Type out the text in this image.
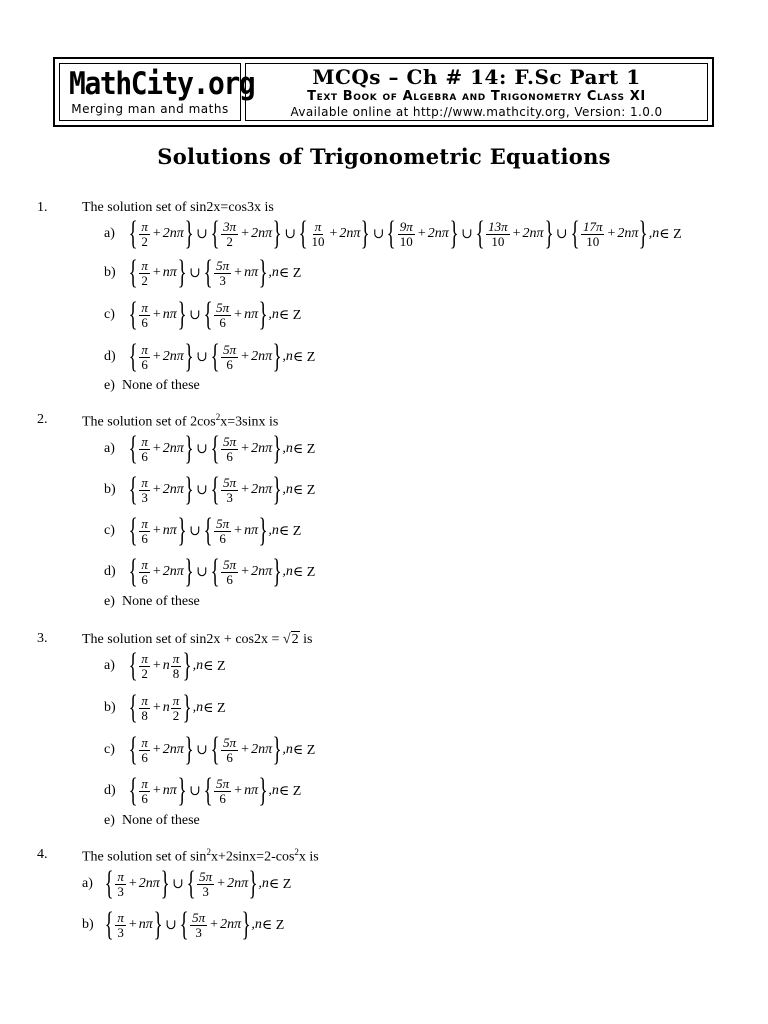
MathCity.org
Merging man and maths
MCQs – Ch # 14: F.Sc Part 1
Text Book of Algebra and Trigonometry Class XI
Available online at http://www.mathcity.org, Version: 1.0.0
Solutions of Trigonometric Equations
1. The solution set of sin2x=cos3x is
a) { $\frac{\pi}{2} + 2n\pi$ } ∪ { $\frac{3\pi}{2} + 2n\pi$ } ∪ { $\frac{\pi}{10} + 2n\pi$ } ∪ { $\frac{9\pi}{10} + 2n\pi$ } ∪ { $\frac{13\pi}{10} + 2n\pi$ } ∪ { $\frac{17\pi}{10} + 2n\pi$ } ,n ∈ Z
b) { $\frac{\pi}{2} + n\pi$ } ∪ { $\frac{5\pi}{3} + n\pi$ } ,n ∈ Z
c) { $\frac{\pi}{6} + n\pi$ } ∪ { $\frac{5\pi}{6} + n\pi$ } ,n ∈ Z
d) { $\frac{\pi}{6} + 2n\pi$ } ∪ { $\frac{5\pi}{6} + 2n\pi$ } ,n ∈ Z
e) None of these
2. The solution set of $2\cos^2x=3\sin x$ is
a) { $\frac{\pi}{6} + 2n\pi$ } ∪ { $\frac{5\pi}{6} + 2n\pi$ } ,n ∈ Z
b) { $\frac{\pi}{3} + 2n\pi$ } ∪ { $\frac{5\pi}{3} + 2n\pi$ } ,n ∈ Z
c) { $\frac{\pi}{6} + n\pi$ } ∪ { $\frac{5\pi}{6} + n\pi$ } ,n ∈ Z
d) { $\frac{\pi}{6} + 2n\pi$ } ∪ { $\frac{5\pi}{6} + 2n\pi$ } ,n ∈ Z
e) None of these
3. The solution set of sin2x + cos2x = √ 2 is
a) { $\frac{\pi}{2} + n \frac{\pi}{8}$ } ,n ∈ Z
b) { $\frac{\pi}{8} + n \frac{\pi}{2}$ } ,n ∈ Z
c) { $\frac{\pi}{6} + 2n\pi$ } ∪ { $\frac{5\pi}{6} + 2n\pi$ } ,n ∈ Z
d) { $\frac{\pi}{6} + n\pi$ } ∪ { $\frac{5\pi}{6} + n\pi$ } ,n ∈ Z
e) None of these
4. The solution set of $\sin^2x+2\sin x=2-\cos^2x$ is
a) { $\frac{\pi}{3} + 2n\pi$ } ∪ { $\frac{5\pi}{3} + 2n\pi$ } ,n ∈ Z
b) { $\frac{\pi}{3} + n\pi$ } ∪ { $\frac{5\pi}{3} + 2n\pi$ } ,n ∈ Z
